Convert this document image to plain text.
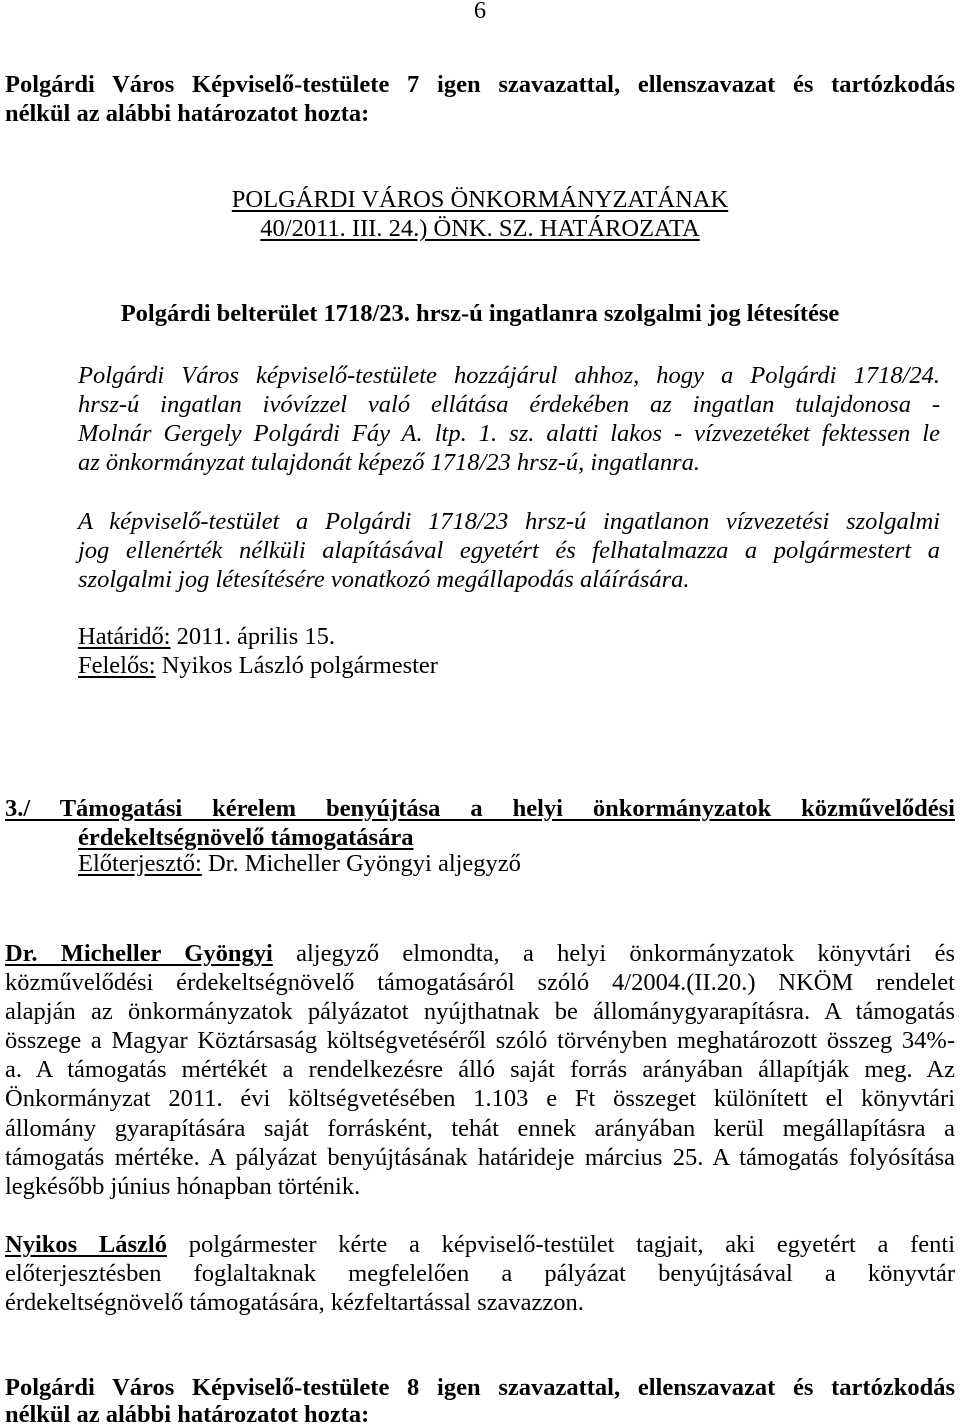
6
Polgárdi Város Képviselő-testülete 7 igen szavazattal, ellenszavazat és tartózkodás
nélkül az alábbi határozatot hozta:
POLGÁRDI VÁROS ÖNKORMÁNYZATÁNAK
40/2011. III. 24.) ÖNK. SZ. HATÁROZATA
Polgárdi belterület 1718/23. hrsz-ú ingatlanra szolgalmi jog létesítése
Polgárdi Város képviselő-testülete hozzájárul ahhoz, hogy a Polgárdi 1718/24.
hrsz-ú ingatlan ivóvízzel való ellátása érdekében az ingatlan tulajdonosa -
Molnár Gergely Polgárdi Fáy A. ltp. 1. sz. alatti lakos - vízvezetéket fektessen le
az önkormányzat tulajdonát képező 1718/23 hrsz-ú, ingatlanra.
A képviselő-testület a Polgárdi 1718/23 hrsz-ú ingatlanon vízvezetési szolgalmi
jog ellenérték nélküli alapításával egyetért és felhatalmazza a polgármestert a
szolgalmi jog létesítésére vonatkozó megállapodás aláírására.
Határidő: 2011. április 15.
Felelős: Nyikos László polgármester
3./ Támogatási kérelem benyújtása a helyi önkormányzatok közművelődési
érdekeltségnövelő támogatására
Előterjesztő: Dr. Micheller Gyöngyi aljegyző
Dr. Micheller Gyöngyi aljegyző elmondta, a helyi önkormányzatok könyvtári és
közművelődési érdekeltségnövelő támogatásáról szóló 4/2004.(II.20.) NKÖM rendelet
alapján az önkormányzatok pályázatot nyújthatnak be állománygyarapításra. A támogatás
összege a Magyar Köztársaság költségvetéséről szóló törvényben meghatározott összeg 34%-
a. A támogatás mértékét a rendelkezésre álló saját forrás arányában állapítják meg. Az
Önkormányzat 2011. évi költségvetésében 1.103 e Ft összeget különített el könyvtári
állomány gyarapítására saját forrásként, tehát ennek arányában kerül megállapításra a
támogatás mértéke. A pályázat benyújtásának határideje március 25. A támogatás folyósítása
legkésőbb június hónapban történik.
Nyikos László polgármester kérte a képviselő-testület tagjait, aki egyetért a fenti
előterjesztésben foglaltaknak megfelelően a pályázat benyújtásával a könyvtár
érdekeltségnövelő támogatására, kézfeltartással szavazzon.
Polgárdi Város Képviselő-testülete 8 igen szavazattal, ellenszavazat és tartózkodás
nélkül az alábbi határozatot hozta:
